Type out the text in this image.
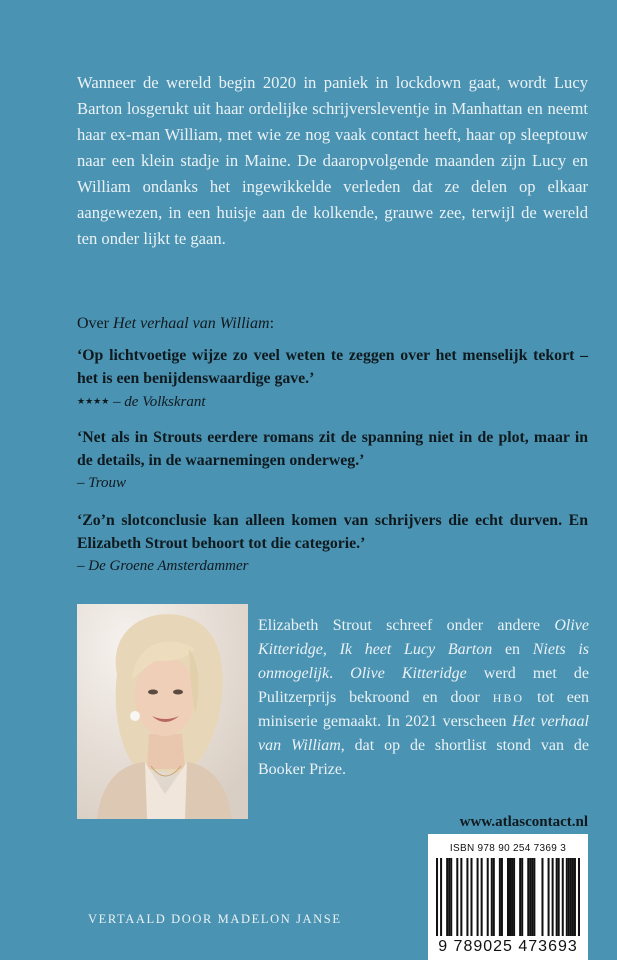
Wanneer de wereld begin 2020 in paniek in lockdown gaat, wordt Lucy Barton losgerukt uit haar ordelijke schrijversleventje in Manhattan en neemt haar ex-man William, met wie ze nog vaak contact heeft, haar op sleeptouw naar een klein stadje in Maine. De daaropvolgende maanden zijn Lucy en William ondanks het ingewikkelde verleden dat ze delen op elkaar aangewezen, in een huisje aan de kolkende, grauwe zee, terwijl de wereld ten onder lijkt te gaan.

Over Het verhaal van William:

‘Op lichtvoetige wijze zo veel weten te zeggen over het menselijk tekort – het is een benijdenswaardige gave.’
★★★★ – de Volkskrant
‘Net als in Strouts eerdere romans zit de spanning niet in de plot, maar in de details, in de waarnemingen onderweg.’
– Trouw
‘Zo’n slotconclusie kan alleen komen van schrijvers die echt durven. En Elizabeth Strout behoort tot die categorie.’
– De Groene Amsterdammer

Elizabeth Strout schreef onder andere Olive Kitteridge, Ik heet Lucy Barton en Niets is onmogelijk. Olive Kitteridge werd met de Pulitzerprijs bekroond en door HBO tot een miniserie gemaakt. In 2021 verscheen Het verhaal van William, dat op de shortlist stond van de Booker Prize.

www.atlascontact.nl
ISBN 978 90 254 7369 3
9 789025 473693
VERTAALD DOOR MADELON JANSE
